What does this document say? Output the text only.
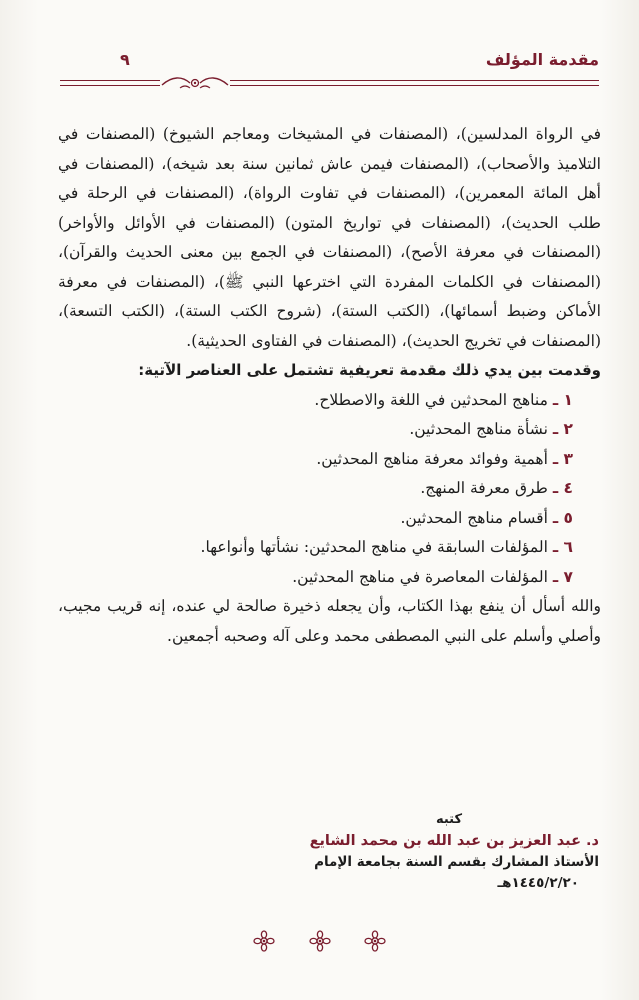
٩	مقدمة المؤلف

في الرواة المدلسين)، (المصنفات في المشيخات ومعاجم الشيوخ) (المصنفات في التلاميذ والأصحاب)، (المصنفات فيمن عاش ثمانين سنة بعد شيخه)، (المصنفات في أهل المائة المعمرين)، (المصنفات في تفاوت الرواة)، (المصنفات في الرحلة في طلب الحديث)، (المصنفات في تواريخ المتون) (المصنفات في الأوائل والأواخر) (المصنفات في معرفة الأصح)، (المصنفات في الجمع بين معنى الحديث والقرآن)، (المصنفات في الكلمات المفردة التي اخترعها النبي ﷺ)، (المصنفات في معرفة الأماكن وضبط أسمائها)، (الكتب الستة)، (شروح الكتب الستة)، (الكتب التسعة)، (المصنفات في تخريج الحديث)، (المصنفات في الفتاوى الحديثية).

وقدمت بين يدي ذلك مقدمة تعريفية تشتمل على العناصر الآتية:

١ ـ مناهج المحدثين في اللغة والاصطلاح.
٢ ـ نشأة مناهج المحدثين.
٣ ـ أهمية وفوائد معرفة مناهج المحدثين.
٤ ـ طرق معرفة المنهج.
٥ ـ أقسام مناهج المحدثين.
٦ ـ المؤلفات السابقة في مناهج المحدثين: نشأتها وأنواعها.
٧ ـ المؤلفات المعاصرة في مناهج المحدثين.

والله أسأل أن ينفع بهذا الكتاب، وأن يجعله ذخيرة صالحة لي عنده، إنه قريب مجيب، وأصلي وأسلم على النبي المصطفى محمد وعلى آله وصحبه أجمعين.

كتبه
د. عبد العزيز بن عبد الله بن محمد الشايع
الأستاذ المشارك بقسم السنة بجامعة الإمام
١٤٤٥/٢/٢٠هـ
